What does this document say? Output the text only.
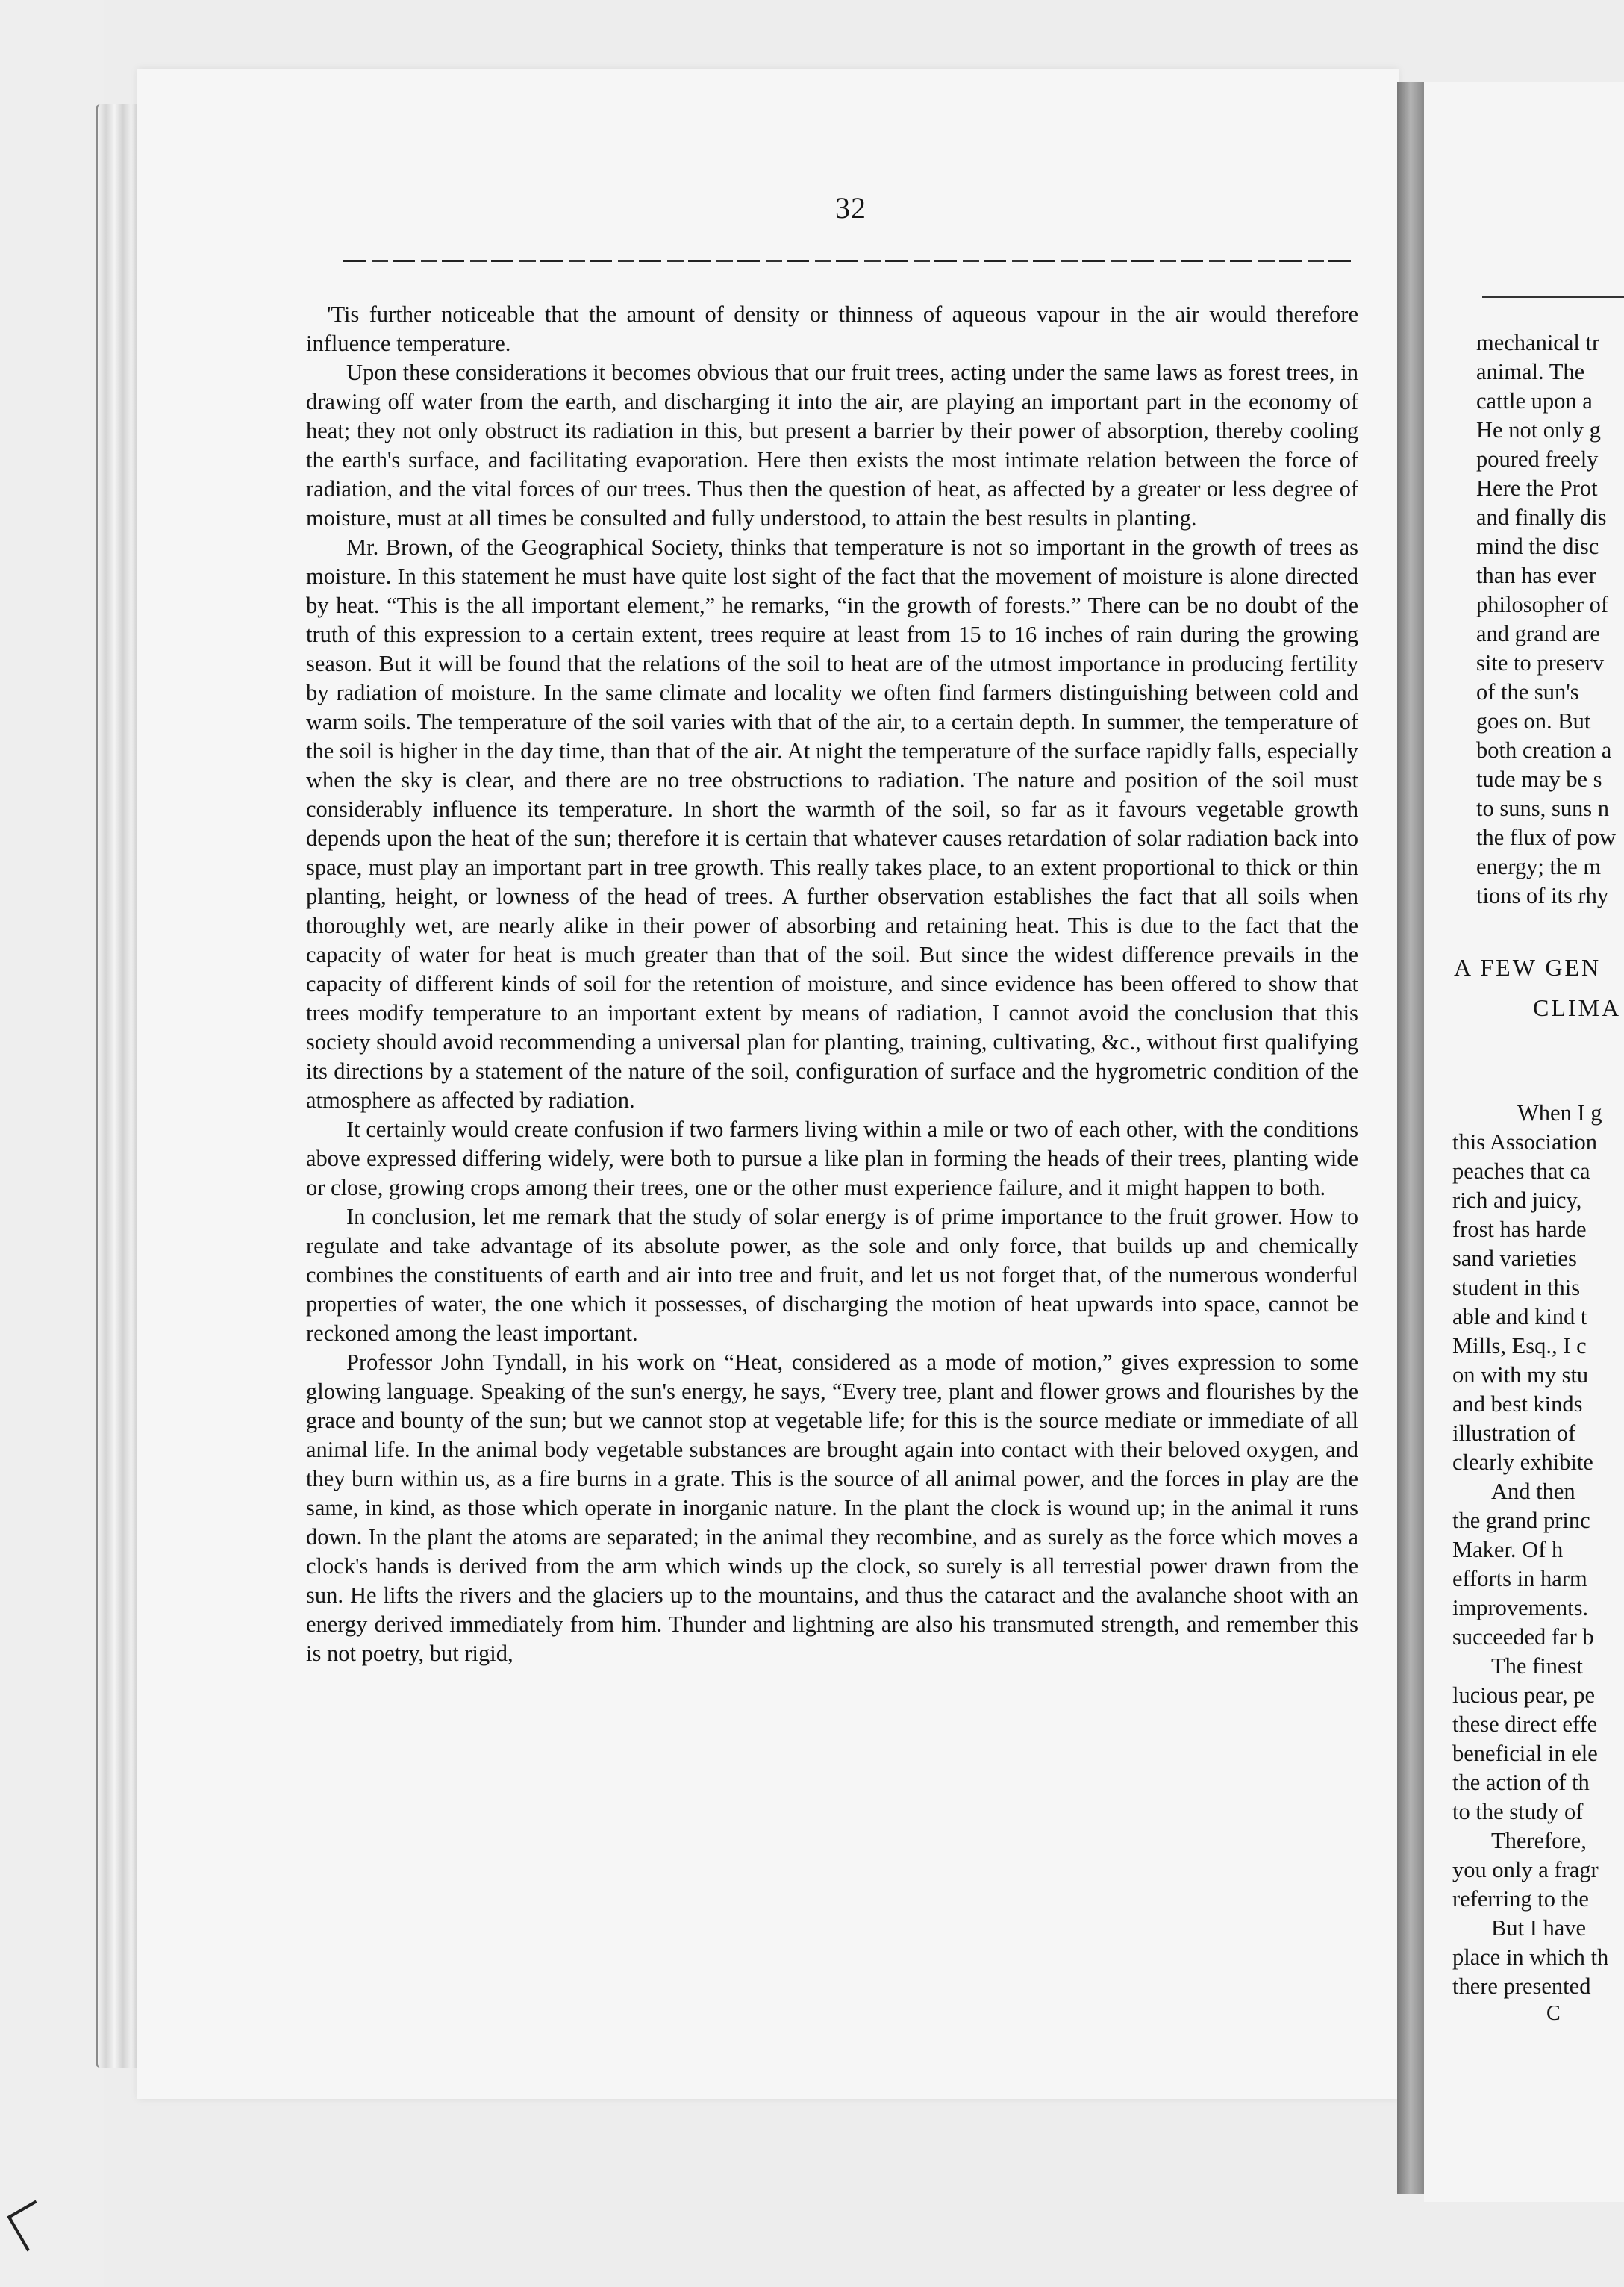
32

'Tis further noticeable that the amount of density or thinness of aqueous vapour in the air would therefore influence temperature.

Upon these considerations it becomes obvious that our fruit trees, acting under the same laws as forest trees, in drawing off water from the earth, and discharging it into the air, are playing an important part in the economy of heat; they not only obstruct its radiation in this, but present a barrier by their power of absorption, thereby cooling the earth's surface, and facilitating evaporation. Here then exists the most intimate relation between the force of radiation, and the vital forces of our trees. Thus then the question of heat, as affected by a greater or less degree of moisture, must at all times be consulted and fully understood, to attain the best results in planting.

Mr. Brown, of the Geographical Society, thinks that temperature is not so important in the growth of trees as moisture. In this statement he must have quite lost sight of the fact that the movement of moisture is alone directed by heat. “This is the all important element,” he remarks, “in the growth of forests.” There can be no doubt of the truth of this expression to a certain extent, trees require at least from 15 to 16 inches of rain during the growing season. But it will be found that the relations of the soil to heat are of the utmost importance in producing fertility by radiation of moisture. In the same climate and locality we often find farmers distinguishing between cold and warm soils. The temperature of the soil varies with that of the air, to a certain depth. In summer, the temperature of the soil is higher in the day time, than that of the air. At night the temperature of the surface rapidly falls, especially when the sky is clear, and there are no tree obstructions to radiation. The nature and position of the soil must considerably influence its temperature. In short the warmth of the soil, so far as it favours vegetable growth depends upon the heat of the sun; therefore it is certain that whatever causes retardation of solar radiation back into space, must play an important part in tree growth. This really takes place, to an extent proportional to thick or thin planting, height, or lowness of the head of trees. A further observation establishes the fact that all soils when thoroughly wet, are nearly alike in their power of absorbing and retaining heat. This is due to the fact that the capacity of water for heat is much greater than that of the soil. But since the widest difference prevails in the capacity of different kinds of soil for the retention of moisture, and since evidence has been offered to show that trees modify temperature to an important extent by means of radiation, I cannot avoid the conclusion that this society should avoid recommending a universal plan for planting, training, cultivating, &c., without first qualifying its directions by a statement of the nature of the soil, configuration of surface and the hygrometric condition of the atmosphere as affected by radiation.

It certainly would create confusion if two farmers living within a mile or two of each other, with the conditions above expressed differing widely, were both to pursue a like plan in forming the heads of their trees, planting wide or close, growing crops among their trees, one or the other must experience failure, and it might happen to both.

In conclusion, let me remark that the study of solar energy is of prime importance to the fruit grower. How to regulate and take advantage of its absolute power, as the sole and only force, that builds up and chemically combines the constituents of earth and air into tree and fruit, and let us not forget that, of the numerous wonderful properties of water, the one which it possesses, of discharging the motion of heat upwards into space, cannot be reckoned among the least important.

Professor John Tyndall, in his work on “Heat, considered as a mode of motion,” gives expression to some glowing language. Speaking of the sun's energy, he says, “Every tree, plant and flower grows and flourishes by the grace and bounty of the sun; but we cannot stop at vegetable life; for this is the source mediate or immediate of all animal life. In the animal body vegetable substances are brought again into contact with their beloved oxygen, and they burn within us, as a fire burns in a grate. This is the source of all animal power, and the forces in play are the same, in kind, as those which operate in inorganic nature. In the plant the clock is wound up; in the animal it runs down. In the plant the atoms are separated; in the animal they recombine, and as surely as the force which moves a clock's hands is derived from the arm which winds up the clock, so surely is all terrestial power drawn from the sun. He lifts the rivers and the glaciers up to the mountains, and thus the cataract and the avalanche shoot with an energy derived immediately from him. Thunder and lightning are also his transmuted strength, and remember this is not poetry, but rigid,

mechanical tr
animal. The
cattle upon a
He not only g
poured freely
Here the Prot
and finally dis
mind the disc
than has ever
philosopher of
and grand are
site to preserv
of the sun's
goes on. But
both creation a
tude may be s
to suns, suns n
the flux of pow
energy; the m
tions of its rhy
A FEW GEN
CLIMA
When I g
this Association
peaches that ca
rich and juicy,
frost has harde
sand varieties
student in this
able and kind t
Mills, Esq., I c
on with my stu
and best kinds
illustration of
clearly exhibite
And then
the grand princ
Maker. Of h
efforts in harm
improvements.
succeeded far b
The finest
lucious pear, pe
these direct effe
beneficial in ele
the action of th
to the study of
Therefore,
you only a fragr
referring to the
But I have
place in which th
there presented
C
